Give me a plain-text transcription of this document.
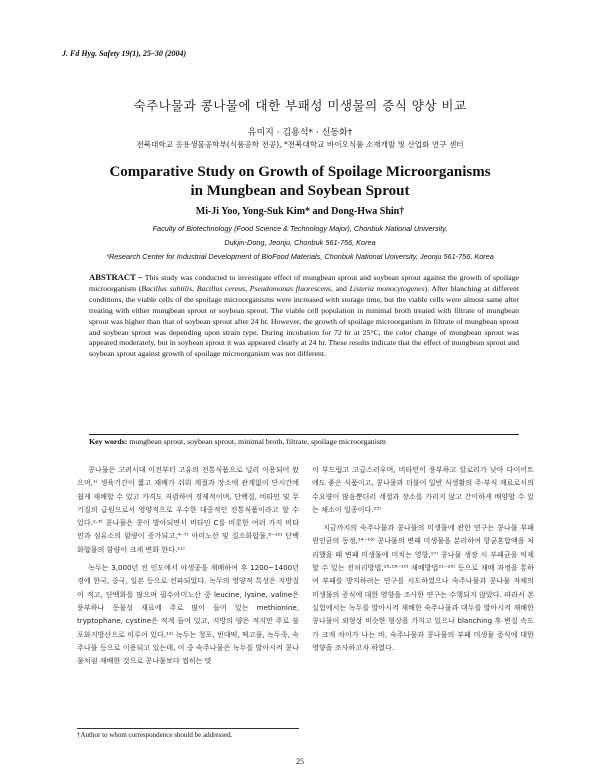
J. Fd Hyg. Safety 19(1), 25–30 (2004)
숙주나물과 콩나물에 대한 부패성 미생물의 증식 양상 비교
유미지 · 김용석* · 신동화†
전북대학교 응용생물공학부(식품공학 전공), *전북대학교 바이오식품 소재개발 및 산업화 연구 센터
Comparative Study on Growth of Spoilage Microorganisms
in Mungbean and Soybean Sprout
Mi-Ji Yoo, Yong-Suk Kim* and Dong-Hwa Shin†
Faculty of Biotechnology (Food Science & Technology Major), Chonbuk National University,
Dukjin-Dong, Jeonju, Chonbuk 561-756, Korea
*Research Center for Industrial Development of BioFood Materials, Chonbuk National University, Jeonju 561-756, Korea
ABSTRACT – This study was conducted to investigate effect of mungbean sprout and soybean sprout against the growth of spoilage microorganism (Bacillus subtilis, Bacillus cereus, Pseudomonas fluorescens, and Listeria monocytogenes). After blanching at different conditions, the viable cells of the spoilage microorganisms were increased with storage time, but the viable cells were almost same after treating with either mungbean sprout or soybean sprout. The viable cell population in minimal broth treated with filtrate of mungbean sprout was higher than that of soybean sprout after 24 hr. However, the growth of spoilage microorganism in filtrate of mungbean sprout and soybean sprout was depending upon strain type. During incubation for 72 hr at 25°C, the color change of mungbean sprout was appeared moderately, but in soybean sprout it was appeared clearly at 24 hr. These results indicate that the effect of mungbean sprout and soybean sprout against growth of spoilage microorganism was not different.
Key words: mungbean sprout, soybean sprout, minimal broth, filtrate, spoilage microorganism

콩나물은 고려시대 이전부터 고유의 전통식품으로 널리 이용되어 왔으며,¹⁾ 생육기간이 짧고 재배가 쉬워 계절과 장소에 관계없이 단시간에 쉽게 재배할 수 있고 가격도 저렴하여 경제적이며, 단백질, 비타민 및 무기질의 급원으로서 영양적으로 우수한 대중적인 전통식품이라고 할 수 있다.²·³⁾ 콩나물은 콩이 발아되면서 비타민 C를 비롯한 여러 가지 비타민과 섬유소의 함량이 증가되고,⁴⁻⁷⁾ 아미노산 및 질소화합물,⁸⁻¹⁰⁾ 단백화합물의 함량이 크게 변화 한다.¹¹⁾

녹두는 3,000년 전 인도에서 야생종을 재배하여 후 1200~1400년 경에 한국, 중국, 일본 등으로 전파되었다. 녹두의 영양적 특성은 지방질이 적고, 단백화를 많으며 필수아미노산 중 leucine, lysine, valine은 풍부하나 동물성 재료에 주로 많이 들어 있는 methionine, tryptophane, cystine은 적게 들어 있고, 지방의 양은 적지만 주로 불포화지방산으로 이루어 있다.¹²⁾ 녹두는 청포, 빈대떡, 떡고물, 녹두죽, 숙주나물 등으로 이용되고 있는데, 이 중 숙주나물은 녹두를 발아시켜 콩나물처럼 재배한 것으로 콩나물보다 씹히는 맛

이 부드럽고 고급스러우며, 비타민이 풍부하고 칼로리가 낮아 다이어트에도 좋은 식품이고, 콩나물과 더불어 일반 식생활의 주·부식 재료로서의 수요량이 많음뿐더러 계절과 장소를 가리지 않고 간이하게 배양할 수 있는 채소이 일종이다.¹³⁾

지금까지의 숙주나물과 콩나물의 미생물에 관한 연구는 콩나물 부패 원인균의 동정,¹⁴⁻¹⁶⁾ 콩나물의 변패 미생물을 분리하여 항균혼합액을 처리했을 때 변패 미생물에 미치는 영향,¹⁷⁾ 콩나물 생장 시 부패균을 억제할 수 있는 전처리방법,¹⁵·¹⁸⁻²⁰⁾ 재배방법²¹⁻²⁵⁾ 등으로 재배 과정을 통하여 부패를 방지하려는 연구를 시도하였으나 숙주나물과 콩나물 자체의 미생물의 증식에 대한 영향을 조사한 연구는 수행되지 않았다. 따라서 본 실험에서는 녹두를 발아시켜 재배한 숙주나물과 대두를 발아시켜 재배한 콩나물이 외형상 비슷한 형상을 가지고 있으나 blanching 후 변질 속도가 크게 차이가 나는 바, 숙주나물과 콩나물의 부패 미생물 증식에 대한 영향을 조사하고자 하였다.

†Author to whom correspondence should be addressed.
25
